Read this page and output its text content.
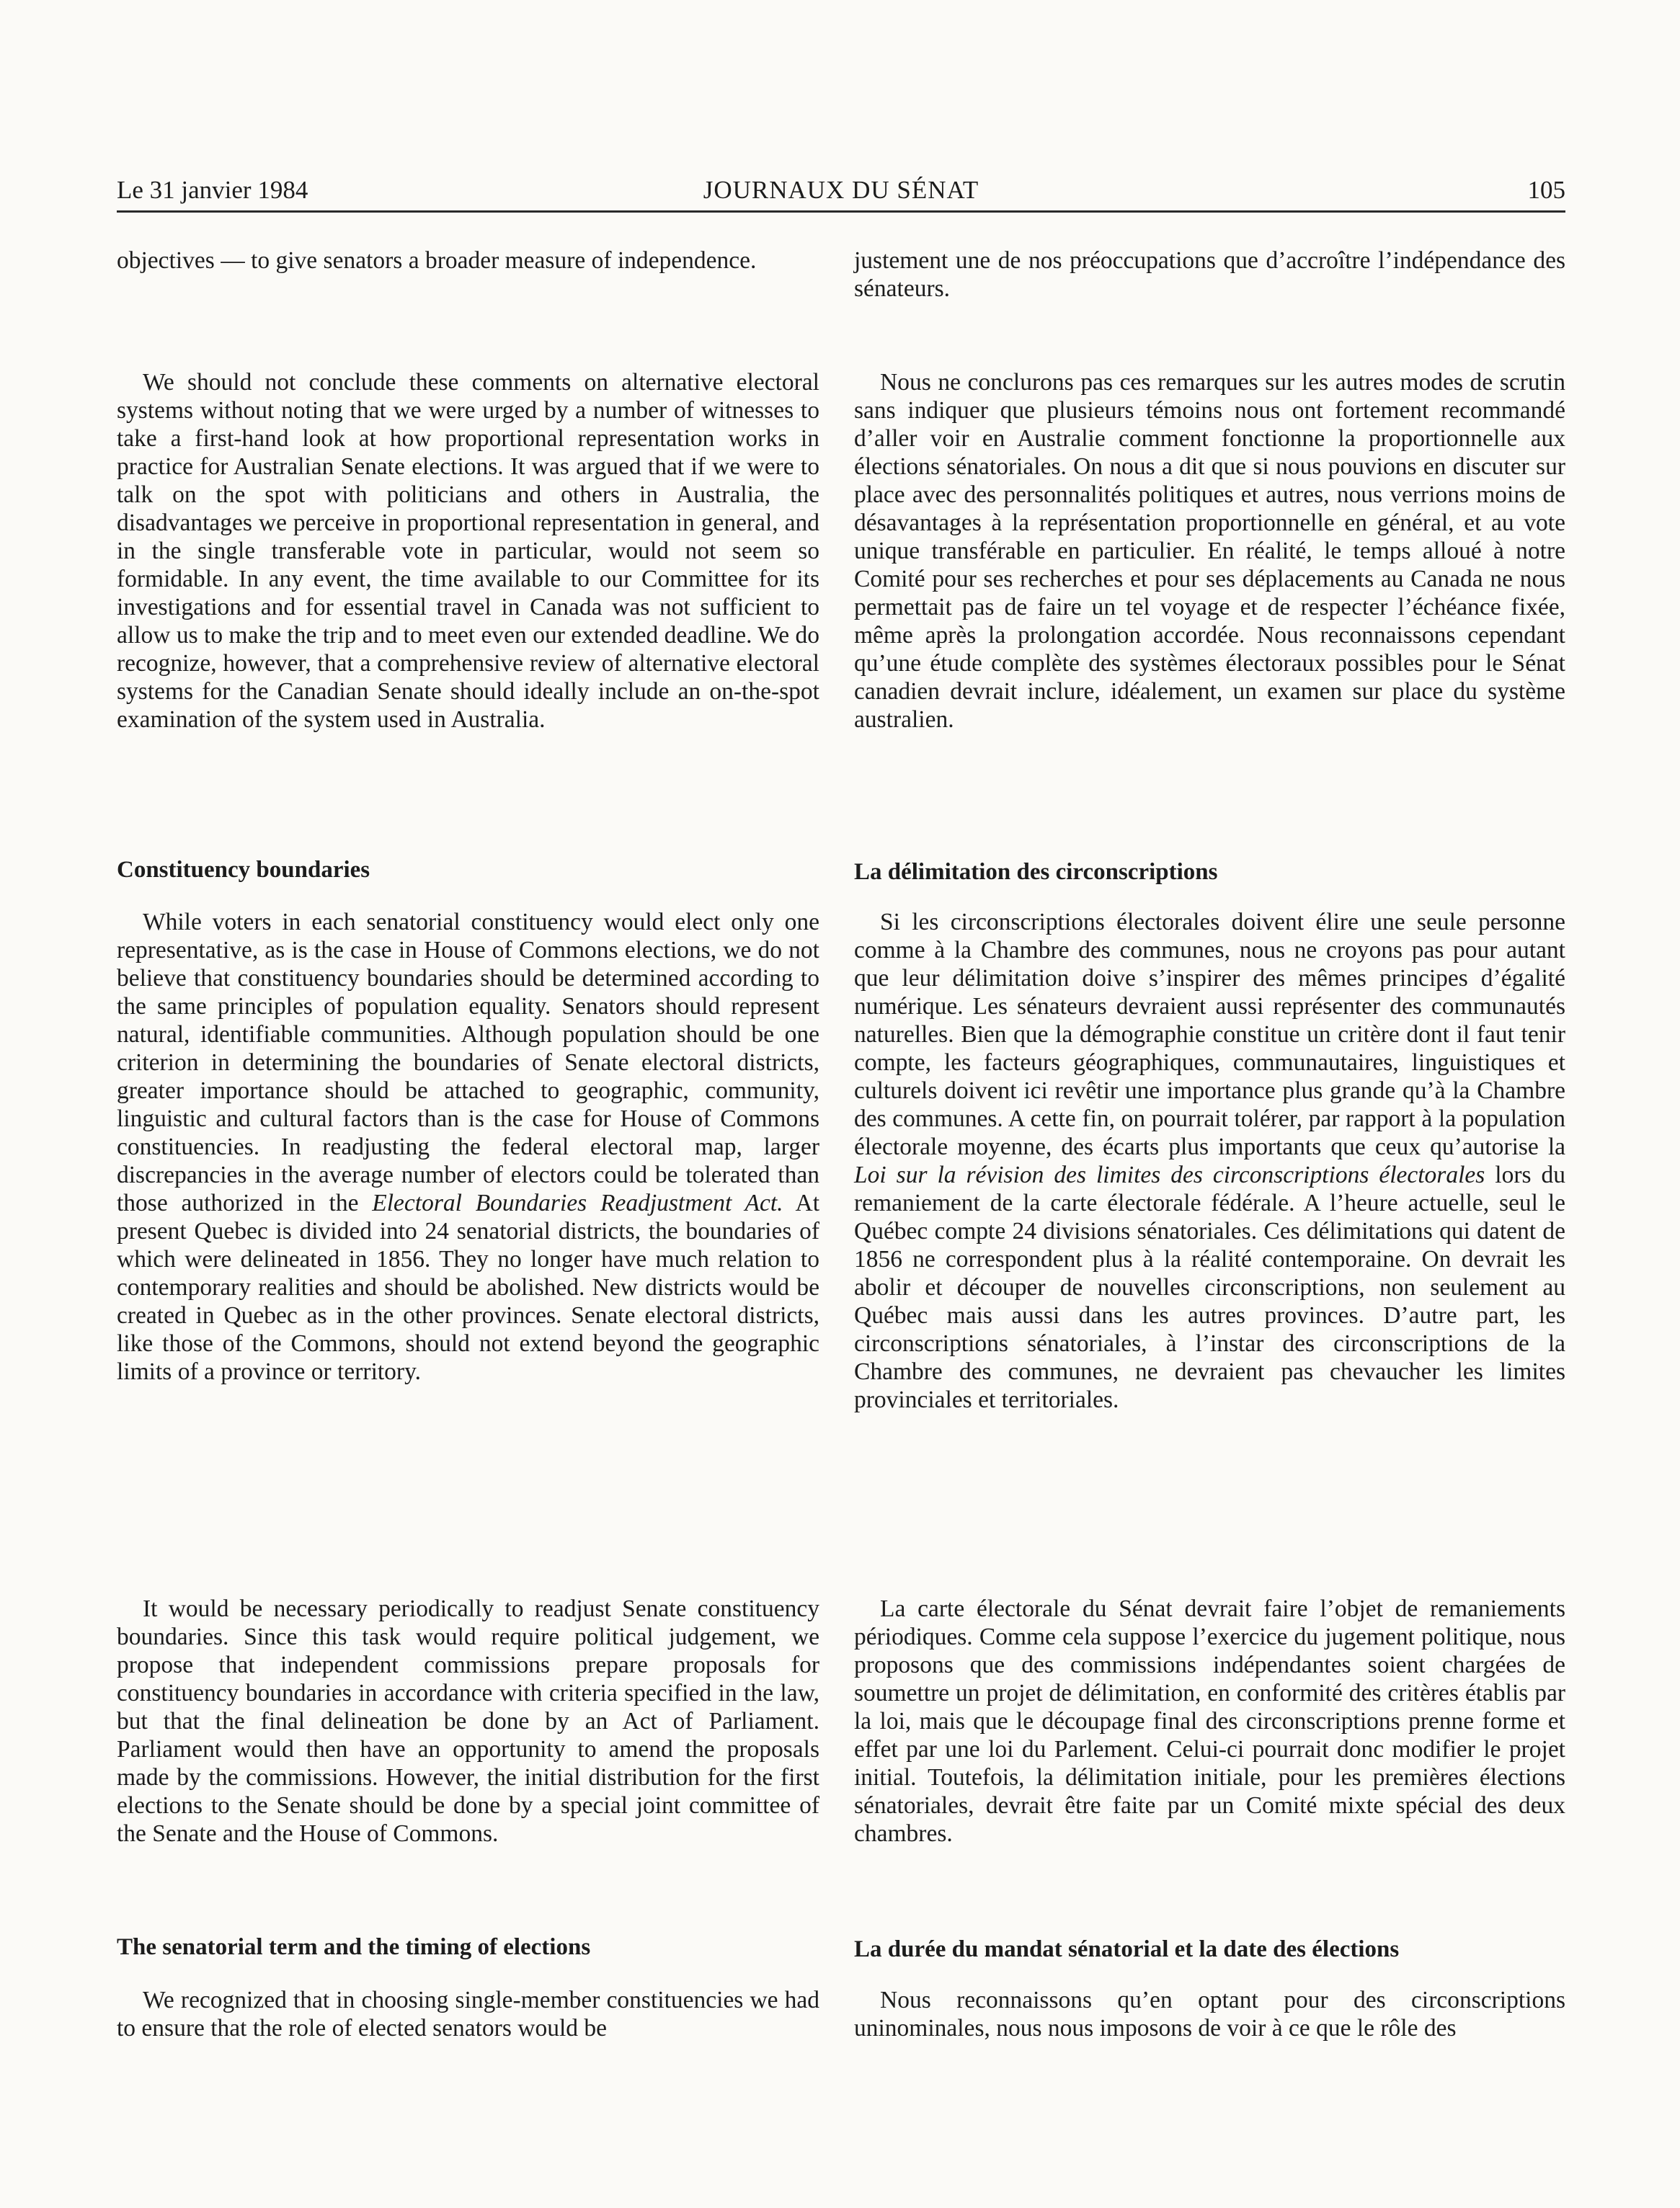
Le 31 janvier 1984	JOURNAUX DU SÉNAT	105

objectives — to give senators a broader measure of independence.

We should not conclude these comments on alternative electoral systems without noting that we were urged by a number of witnesses to take a first-hand look at how proportional representation works in practice for Australian Senate elections. It was argued that if we were to talk on the spot with politicians and others in Australia, the disadvantages we perceive in proportional representation in general, and in the single transferable vote in particular, would not seem so formidable. In any event, the time available to our Committee for its investigations and for essential travel in Canada was not sufficient to allow us to make the trip and to meet even our extended deadline. We do recognize, however, that a comprehensive review of alternative electoral systems for the Canadian Senate should ideally include an on-the-spot examination of the system used in Australia.

Constituency boundaries

While voters in each senatorial constituency would elect only one representative, as is the case in House of Commons elections, we do not believe that constituency boundaries should be determined according to the same principles of population equality. Senators should represent natural, identifiable communities. Although population should be one criterion in determining the boundaries of Senate electoral districts, greater importance should be attached to geographic, community, linguistic and cultural factors than is the case for House of Commons constituencies. In readjusting the federal electoral map, larger discrepancies in the average number of electors could be tolerated than those authorized in the Electoral Boundaries Readjustment Act. At present Quebec is divided into 24 senatorial districts, the boundaries of which were delineated in 1856. They no longer have much relation to contemporary realities and should be abolished. New districts would be created in Quebec as in the other provinces. Senate electoral districts, like those of the Commons, should not extend beyond the geographic limits of a province or territory.

It would be necessary periodically to readjust Senate constituency boundaries. Since this task would require political judgement, we propose that independent commissions prepare proposals for constituency boundaries in accordance with criteria specified in the law, but that the final delineation be done by an Act of Parliament. Parliament would then have an opportunity to amend the proposals made by the commissions. However, the initial distribution for the first elections to the Senate should be done by a special joint committee of the Senate and the House of Commons.

The senatorial term and the timing of elections

We recognized that in choosing single-member constituencies we had to ensure that the role of elected senators would be

justement une de nos préoccupations que d’accroître l’indépendance des sénateurs.

Nous ne conclurons pas ces remarques sur les autres modes de scrutin sans indiquer que plusieurs témoins nous ont fortement recommandé d’aller voir en Australie comment fonctionne la proportionnelle aux élections sénatoriales. On nous a dit que si nous pouvions en discuter sur place avec des personnalités politiques et autres, nous verrions moins de désavantages à la représentation proportionnelle en général, et au vote unique transférable en particulier. En réalité, le temps alloué à notre Comité pour ses recherches et pour ses déplacements au Canada ne nous permettait pas de faire un tel voyage et de respecter l’échéance fixée, même après la prolongation accordée. Nous reconnaissons cependant qu’une étude complète des systèmes électoraux possibles pour le Sénat canadien devrait inclure, idéalement, un examen sur place du système australien.

La délimitation des circonscriptions

Si les circonscriptions électorales doivent élire une seule personne comme à la Chambre des communes, nous ne croyons pas pour autant que leur délimitation doive s’inspirer des mêmes principes d’égalité numérique. Les sénateurs devraient aussi représenter des communautés naturelles. Bien que la démographie constitue un critère dont il faut tenir compte, les facteurs géographiques, communautaires, linguistiques et culturels doivent ici revêtir une importance plus grande qu’à la Chambre des communes. A cette fin, on pourrait tolérer, par rapport à la population électorale moyenne, des écarts plus importants que ceux qu’autorise la Loi sur la révision des limites des circonscriptions électorales lors du remaniement de la carte électorale fédérale. A l’heure actuelle, seul le Québec compte 24 divisions sénatoriales. Ces délimitations qui datent de 1856 ne correspondent plus à la réalité contemporaine. On devrait les abolir et découper de nouvelles circonscriptions, non seulement au Québec mais aussi dans les autres provinces. D’autre part, les circonscriptions sénatoriales, à l’instar des circonscriptions de la Chambre des communes, ne devraient pas chevaucher les limites provinciales et territoriales.

La carte électorale du Sénat devrait faire l’objet de remaniements périodiques. Comme cela suppose l’exercice du jugement politique, nous proposons que des commissions indépendantes soient chargées de soumettre un projet de délimitation, en conformité des critères établis par la loi, mais que le découpage final des circonscriptions prenne forme et effet par une loi du Parlement. Celui-ci pourrait donc modifier le projet initial. Toutefois, la délimitation initiale, pour les premières élections sénatoriales, devrait être faite par un Comité mixte spécial des deux chambres.

La durée du mandat sénatorial et la date des élections

Nous reconnaissons qu’en optant pour des circonscriptions uninominales, nous nous imposons de voir à ce que le rôle des
